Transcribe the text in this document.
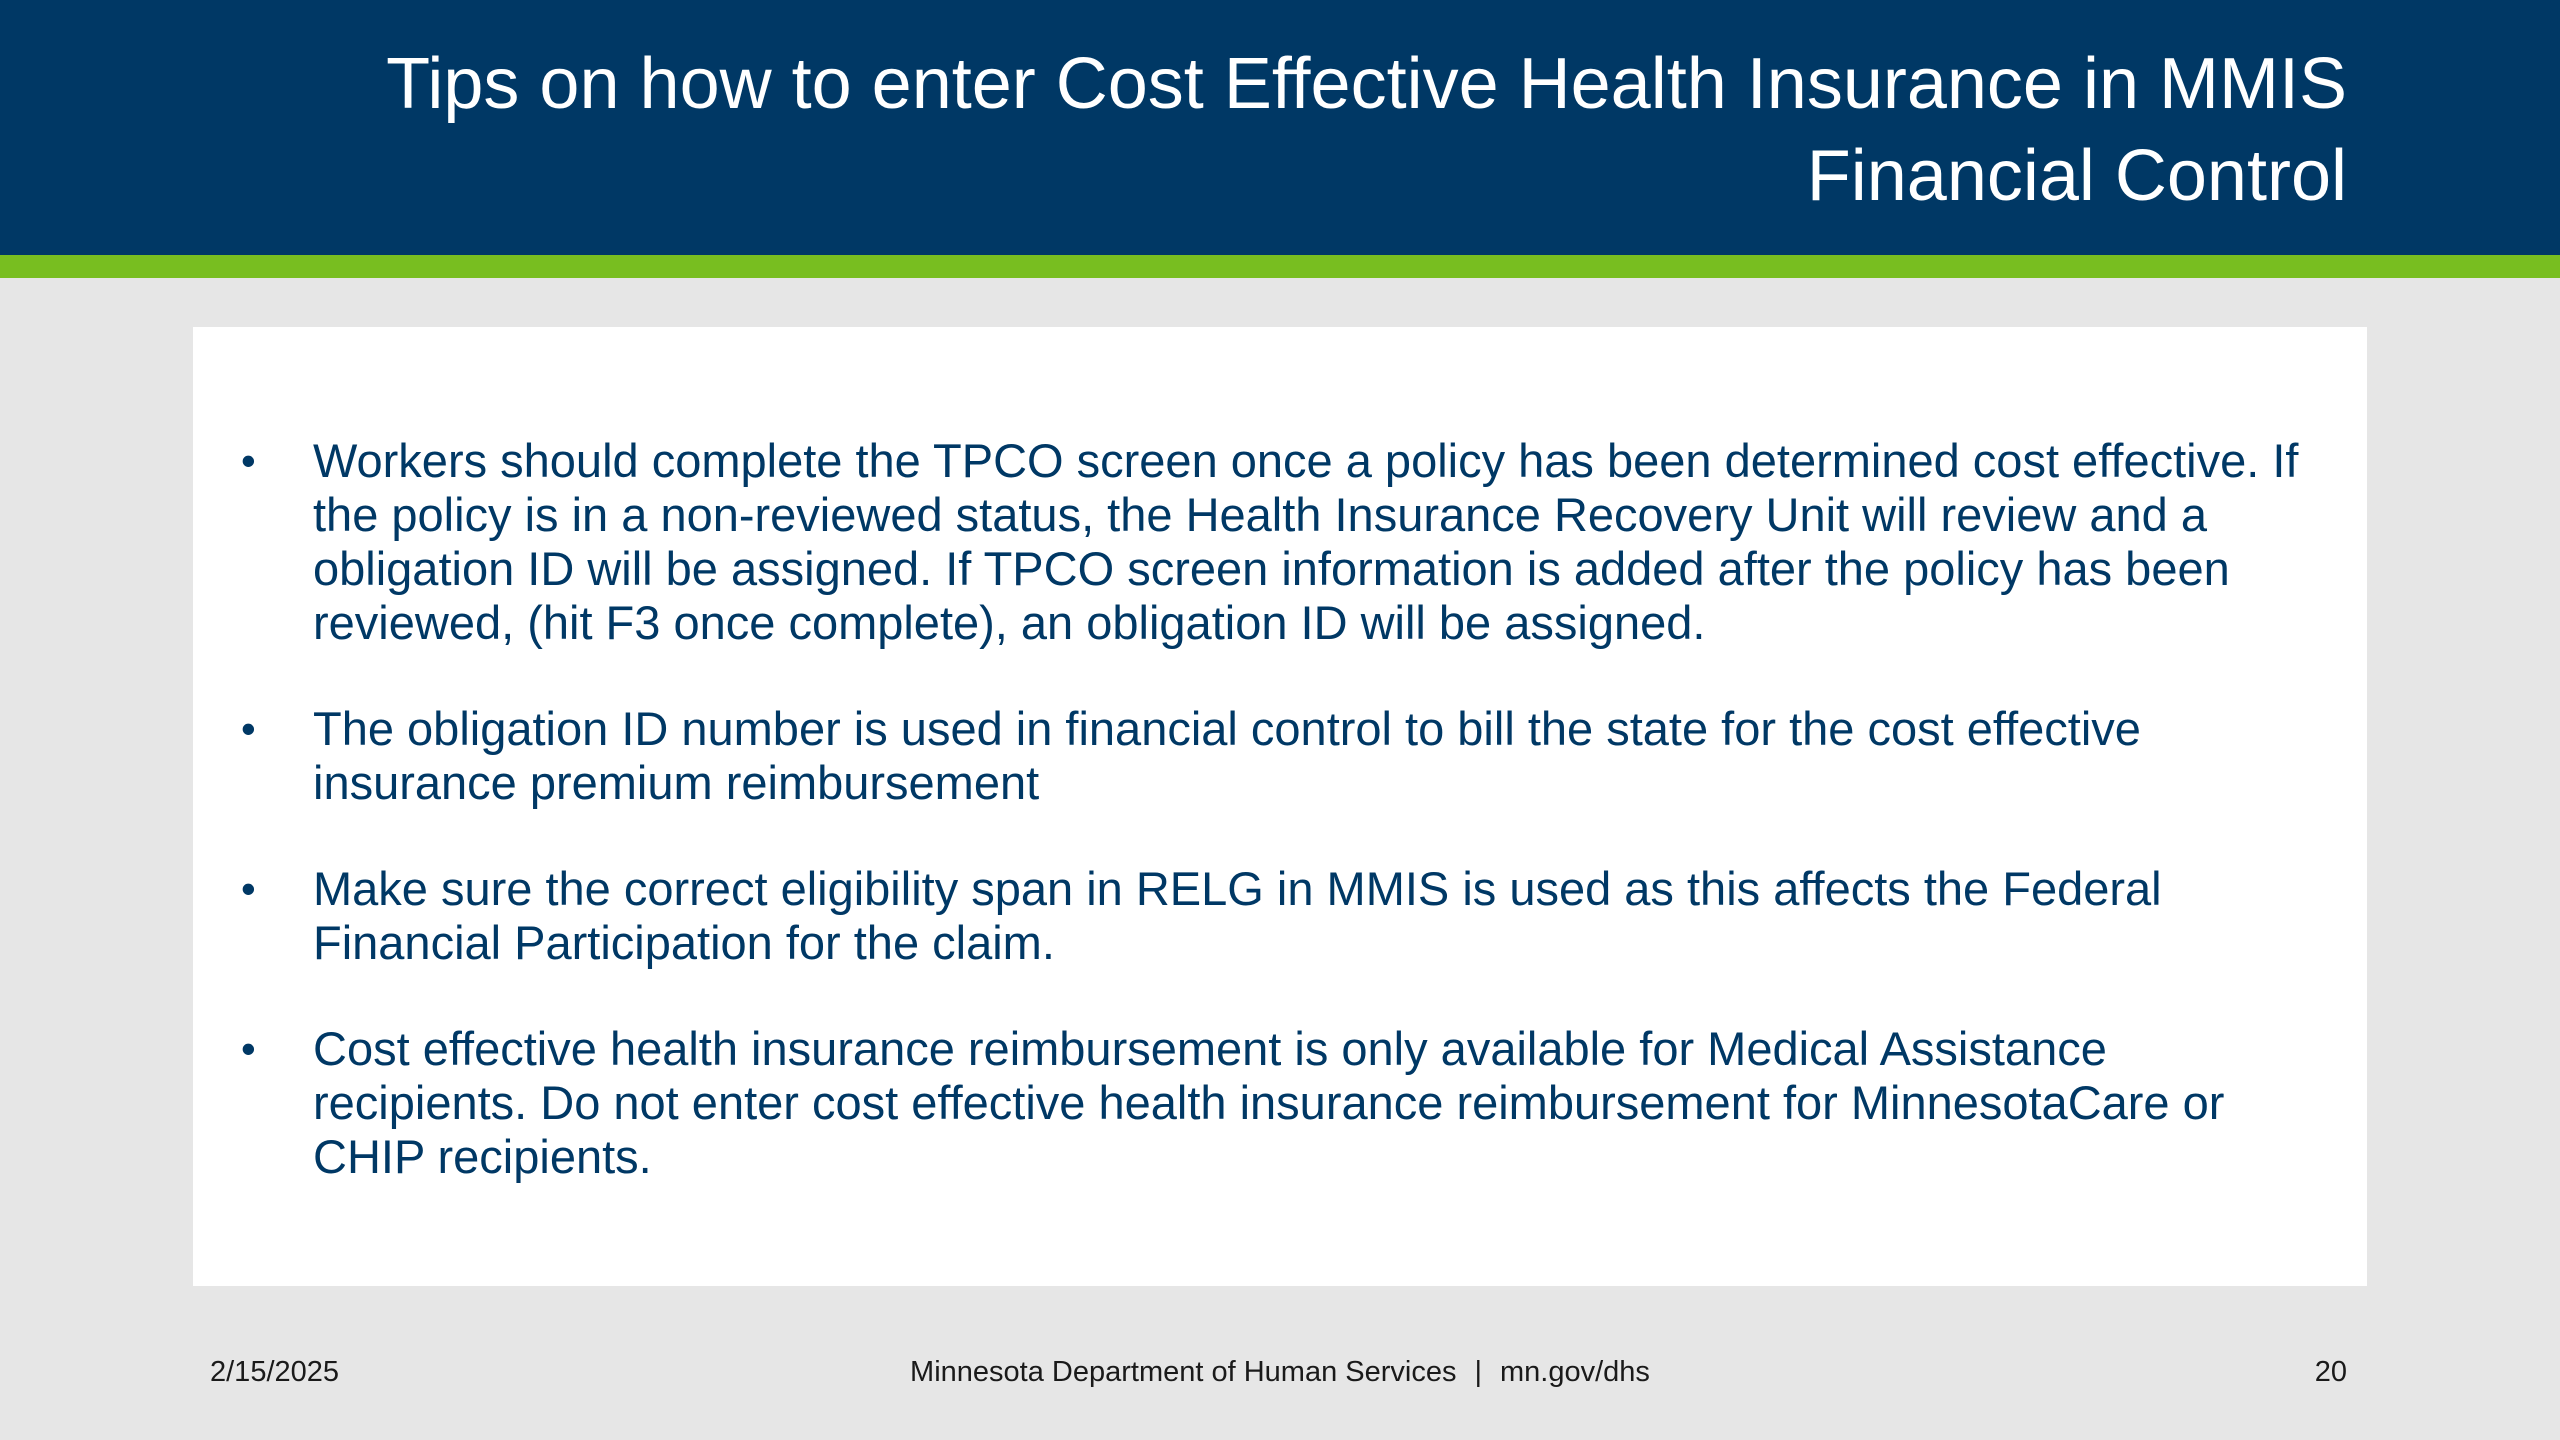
Tips on how to enter Cost Effective Health Insurance in MMIS Financial Control
• Workers should complete the TPCO screen once a policy has been determined cost effective. If the policy is in a non-reviewed status, the Health Insurance Recovery Unit will review and a obligation ID will be assigned. If TPCO screen information is added after the policy has been reviewed, (hit F3 once complete), an obligation ID will be assigned.
• The obligation ID number is used in financial control to bill the state for the cost effective insurance premium reimbursement
• Make sure the correct eligibility span in RELG in MMIS is used as this affects the Federal Financial Participation for the claim.
• Cost effective health insurance reimbursement is only available for Medical Assistance recipients. Do not enter cost effective health insurance reimbursement for MinnesotaCare or CHIP recipients.
2/15/2025	Minnesota Department of Human Services | mn.gov/dhs	20
